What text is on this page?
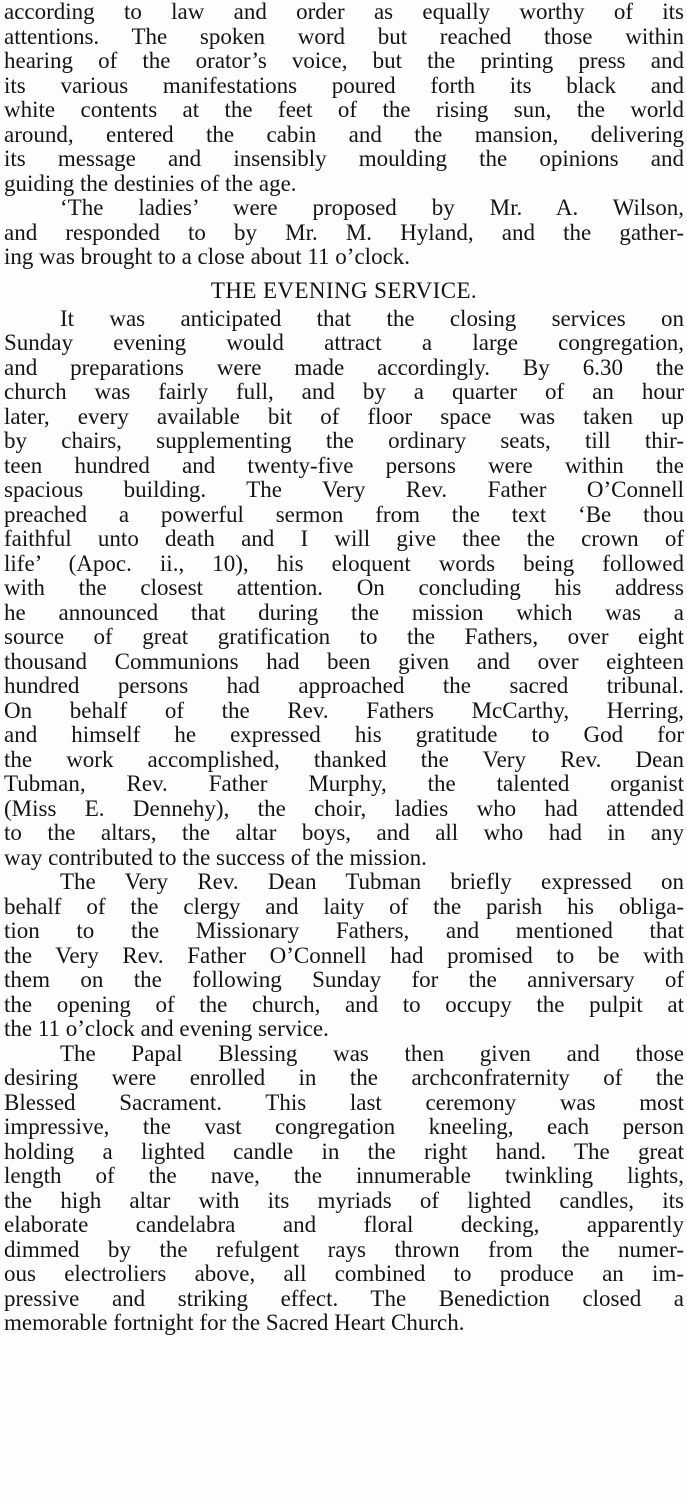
according to law and order as equally worthy of its
attentions. The spoken word but reached those within
hearing of the orator’s voice, but the printing press and
its various manifestations poured forth its black and
white contents at the feet of the rising sun, the world
around, entered the cabin and the mansion, delivering
its message and insensibly moulding the opinions and
guiding the destinies of the age.
‘The ladies’ were proposed by Mr. A. Wilson,
and responded to by Mr. M. Hyland, and the gather-
ing was brought to a close about 11 o’clock.
THE EVENING SERVICE.
It was anticipated that the closing services on
Sunday evening would attract a large congregation,
and preparations were made accordingly. By 6.30 the
church was fairly full, and by a quarter of an hour
later, every available bit of floor space was taken up
by chairs, supplementing the ordinary seats, till thir-
teen hundred and twenty-five persons were within the
spacious building. The Very Rev. Father O’Connell
preached a powerful sermon from the text ‘Be thou
faithful unto death and I will give thee the crown of
life’ (Apoc. ii., 10), his eloquent words being followed
with the closest attention. On concluding his address
he announced that during the mission which was a
source of great gratification to the Fathers, over eight
thousand Communions had been given and over eighteen
hundred persons had approached the sacred tribunal.
On behalf of the Rev. Fathers McCarthy, Herring,
and himself he expressed his gratitude to God for
the work accomplished, thanked the Very Rev. Dean
Tubman, Rev. Father Murphy, the talented organist
(Miss E. Dennehy), the choir, ladies who had attended
to the altars, the altar boys, and all who had in any
way contributed to the success of the mission.
The Very Rev. Dean Tubman briefly expressed on
behalf of the clergy and laity of the parish his obliga-
tion to the Missionary Fathers, and mentioned that
the Very Rev. Father O’Connell had promised to be with
them on the following Sunday for the anniversary of
the opening of the church, and to occupy the pulpit at
the 11 o’clock and evening service.
The Papal Blessing was then given and those
desiring were enrolled in the archconfraternity of the
Blessed Sacrament. This last ceremony was most
impressive, the vast congregation kneeling, each person
holding a lighted candle in the right hand. The great
length of the nave, the innumerable twinkling lights,
the high altar with its myriads of lighted candles, its
elaborate candelabra and floral decking, apparently
dimmed by the refulgent rays thrown from the numer-
ous electroliers above, all combined to produce an im-
pressive and striking effect. The Benediction closed a
memorable fortnight for the Sacred Heart Church.
